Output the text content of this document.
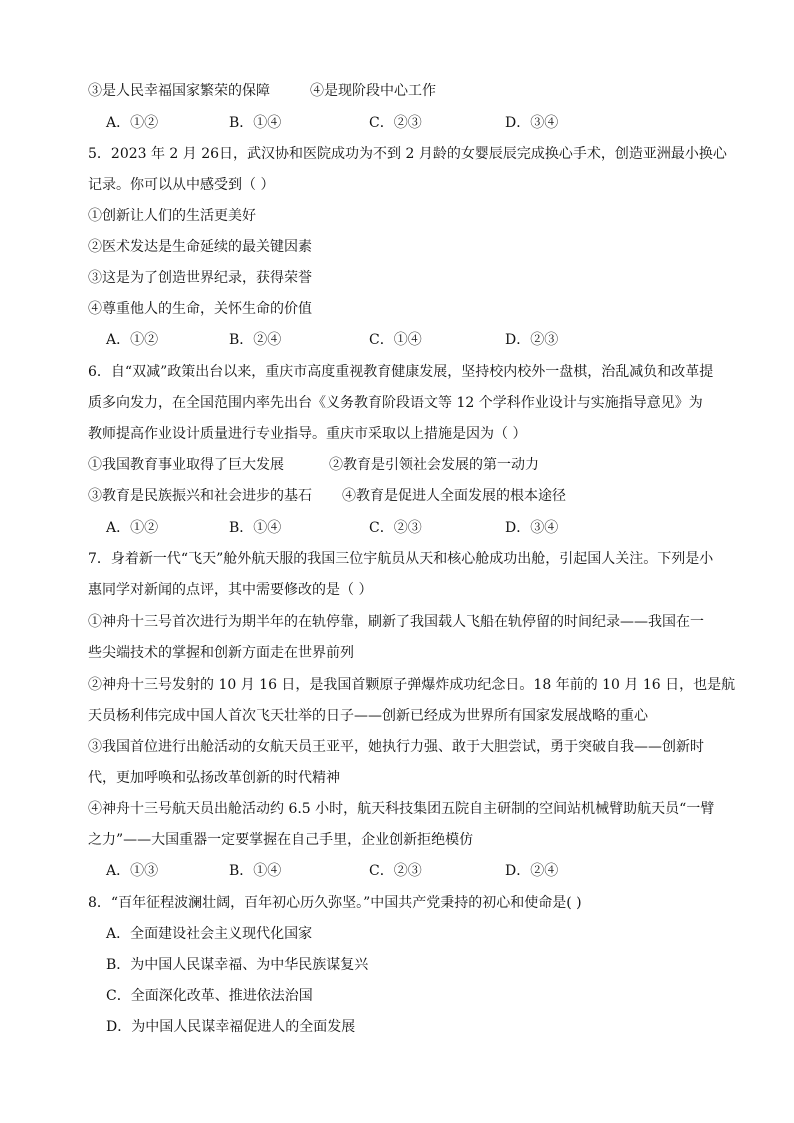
③是人民幸福国家繁荣的保障	④是现阶段中心工作
A．①②	B．①④	C．②③	D．③④
5．2023 年 2 月 26日，武汉协和医院成功为不到 2 月龄的女婴辰辰完成换心手术，创造亚洲最小换心
记录。你可以从中感受到（ ）
①创新让人们的生活更美好
②医术发达是生命延续的最关键因素
③这是为了创造世界纪录，获得荣誉
④尊重他人的生命，关怀生命的价值
A．①②	B．②④	C．①④	D．②③
6．自“双减”政策出台以来，重庆市高度重视教育健康发展，坚持校内校外一盘棋，治乱减负和改革提
质多向发力，在全国范围内率先出台《义务教育阶段语文等 12 个学科作业设计与实施指导意见》为
教师提高作业设计质量进行专业指导。重庆市采取以上措施是因为（ ）
①我国教育事业取得了巨大发展	②教育是引领社会发展的第一动力
③教育是民族振兴和社会进步的基石 ④教育是促进人全面发展的根本途径
A．①②	B．①④	C．②③	D．③④
7．身着新一代“飞天”舱外航天服的我国三位宇航员从天和核心舱成功出舱，引起国人关注。下列是小
惠同学对新闻的点评，其中需要修改的是（ ）
①神舟十三号首次进行为期半年的在轨停靠，刷新了我国载人飞船在轨停留的时间纪录——我国在一
些尖端技术的掌握和创新方面走在世界前列
②神舟十三号发射的 10 月 16 日，是我国首颗原子弹爆炸成功纪念日。18 年前的 10 月 16 日，也是航
天员杨利伟完成中国人首次飞天壮举的日子——创新已经成为世界所有国家发展战略的重心
③我国首位进行出舱活动的女航天员王亚平，她执行力强、敢于大胆尝试，勇于突破自我——创新时
代，更加呼唤和弘扬改革创新的时代精神
④神舟十三号航天员出舱活动约 6.5 小时，航天科技集团五院自主研制的空间站机械臂助航天员“一臂
之力”——大国重器一定要掌握在自己手里，企业创新拒绝模仿
A．①③	B．①④	C．②③	D．②④
8．“百年征程波澜壮阔，百年初心历久弥坚。”中国共产党秉持的初心和使命是( )
A．全面建设社会主义现代化国家
B．为中国人民谋幸福、为中华民族谋复兴
C．全面深化改革、推进依法治国
D．为中国人民谋幸福促进人的全面发展
